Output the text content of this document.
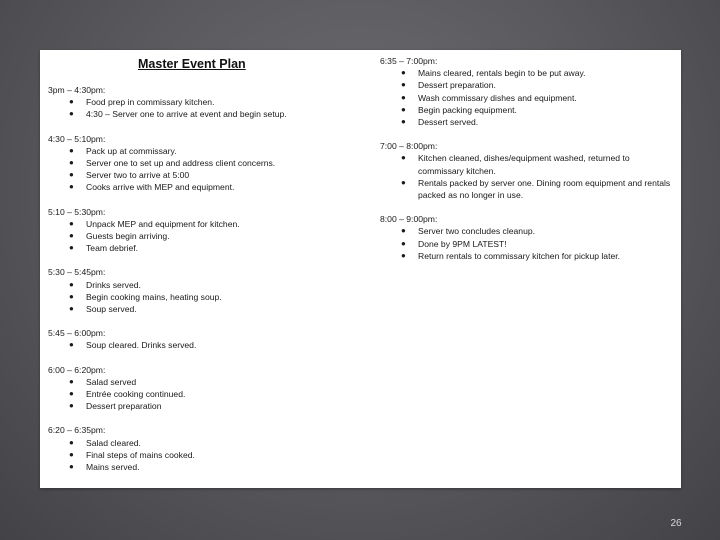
Master Event Plan
3pm – 4:30pm:
● Food prep in commissary kitchen.
● 4:30 – Server one to arrive at event and begin setup.
4:30 – 5:10pm:
● Pack up at commissary.
● Server one to set up and address client concerns.
● Server two to arrive at 5:00
● Cooks arrive with MEP and equipment.
5:10 – 5:30pm:
● Unpack MEP and equipment for kitchen.
● Guests begin arriving.
● Team debrief.
5:30 – 5:45pm:
● Drinks served.
● Begin cooking mains, heating soup.
● Soup served.
5:45 – 6:00pm:
● Soup cleared. Drinks served.
6:00 – 6:20pm:
● Salad served
● Entrée cooking continued.
● Dessert preparation
6:20 – 6:35pm:
● Salad cleared.
● Final steps of mains cooked.
● Mains served.
6:35 – 7:00pm:
● Mains cleared, rentals begin to be put away.
● Dessert preparation.
● Wash commissary dishes and equipment.
● Begin packing equipment.
● Dessert served.
7:00 – 8:00pm:
● Kitchen cleaned, dishes/equipment washed, returned to commissary kitchen.
● Rentals packed by server one. Dining room equipment and rentals packed as no longer in use.
8:00 – 9:00pm:
● Server two concludes cleanup.
● Done by 9PM LATEST!
● Return rentals to commissary kitchen for pickup later.
26
